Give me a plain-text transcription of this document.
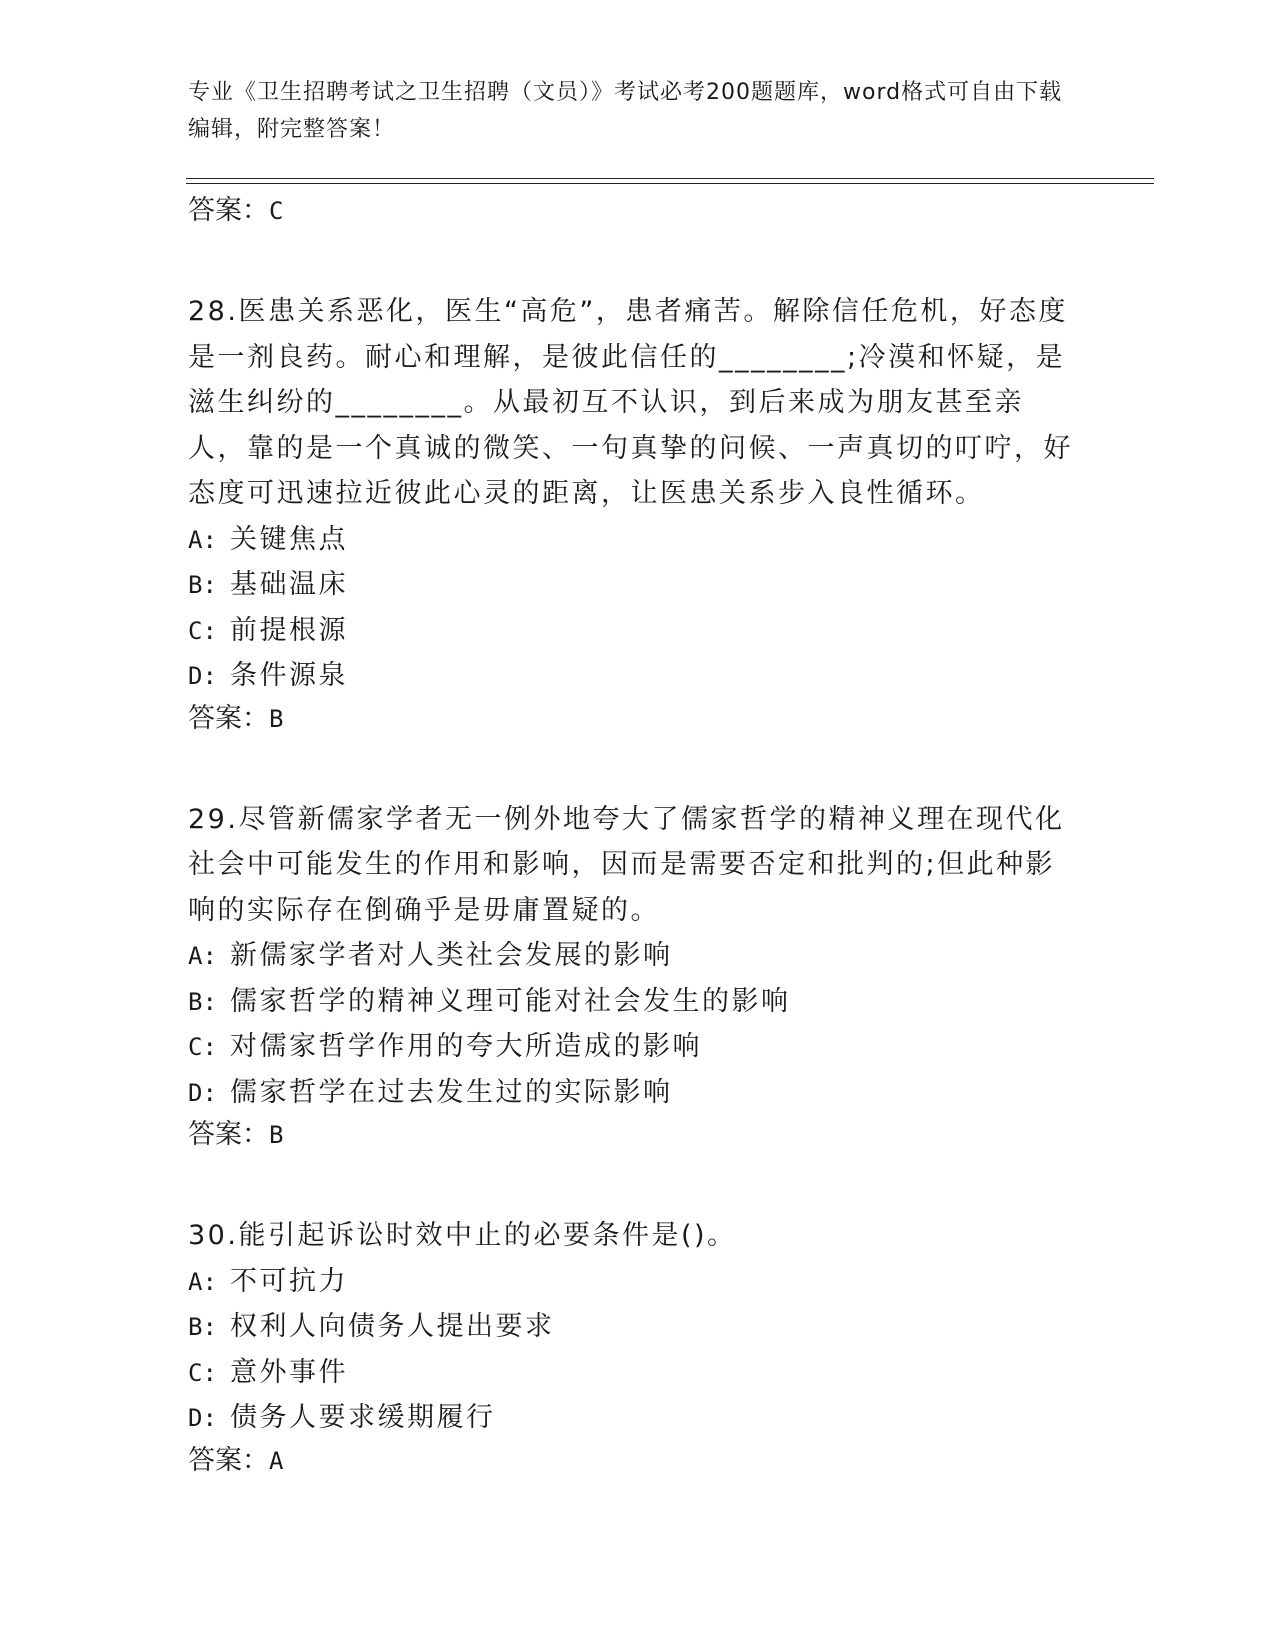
专业《卫生招聘考试之卫生招聘（文员）》考试必考200题题库，word格式可自由下载编辑，附完整答案！
答案：C
28.医患关系恶化，医生“高危”，患者痛苦。解除信任危机，好态度是一剂良药。耐心和理解，是彼此信任的________;冷漠和怀疑，是滋生纠纷的________。从最初互不认识，到后来成为朋友甚至亲人，靠的是一个真诚的微笑、一句真挚的问候、一声真切的叮咛，好态度可迅速拉近彼此心灵的距离，让医患关系步入良性循环。
A: 关键焦点
B: 基础温床
C: 前提根源
D: 条件源泉
答案：B
29.尽管新儒家学者无一例外地夸大了儒家哲学的精神义理在现代化社会中可能发生的作用和影响，因而是需要否定和批判的;但此种影响的实际存在倒确乎是毋庸置疑的。
A: 新儒家学者对人类社会发展的影响
B: 儒家哲学的精神义理可能对社会发生的影响
C: 对儒家哲学作用的夸大所造成的影响
D: 儒家哲学在过去发生过的实际影响
答案：B
30.能引起诉讼时效中止的必要条件是()。
A: 不可抗力
B: 权利人向债务人提出要求
C: 意外事件
D: 债务人要求缓期履行
答案：A
